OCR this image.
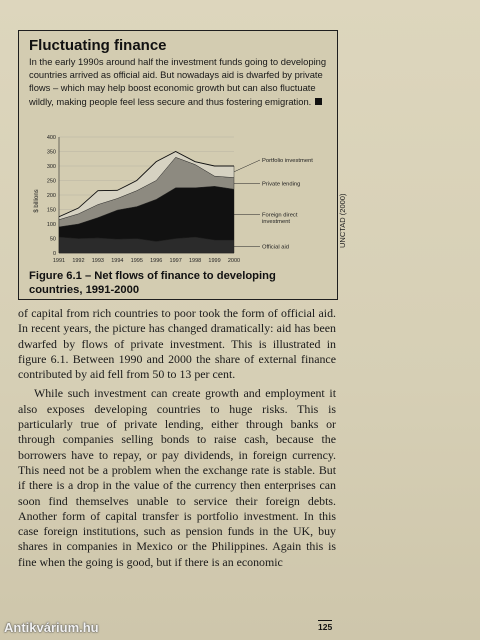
Fluctuating finance
In the early 1990s around half the investment funds going to developing countries arrived as official aid. But nowadays aid is dwarfed by private flows – which may help boost economic growth but can also fluctuate wildly, making people feel less secure and thus fostering emigration.
$ billions
0
50
100
150
200
250
300
350
400
1991 1992 1993 1994 1995 1996 1997 1998 1999 2000
Portfolio investment
Private lending
Foreign direct investment
Official aid
Figure 6.1 – Net flows of finance to developing countries, 1991-2000
UNCTAD (2000)

of capital from rich countries to poor took the form of official aid. In recent years, the picture has changed dramatically: aid has been dwarfed by flows of private investment. This is illustrated in figure 6.1. Between 1990 and 2000 the share of external finance contributed by aid fell from 50 to 13 per cent.

While such investment can create growth and employment it also exposes developing countries to huge risks. This is particularly true of private lending, either through banks or through companies selling bonds to raise cash, because the borrowers have to repay, or pay dividends, in foreign currency. This need not be a problem when the exchange rate is stable. But if there is a drop in the value of the currency then enterprises can soon find themselves unable to service their foreign debts. Another form of capital transfer is portfolio investment. In this case foreign institutions, such as pension funds in the UK, buy shares in companies in Mexico or the Philippines. Again this is fine when the going is good, but if there is an economic

125
Antikvárium.hu
